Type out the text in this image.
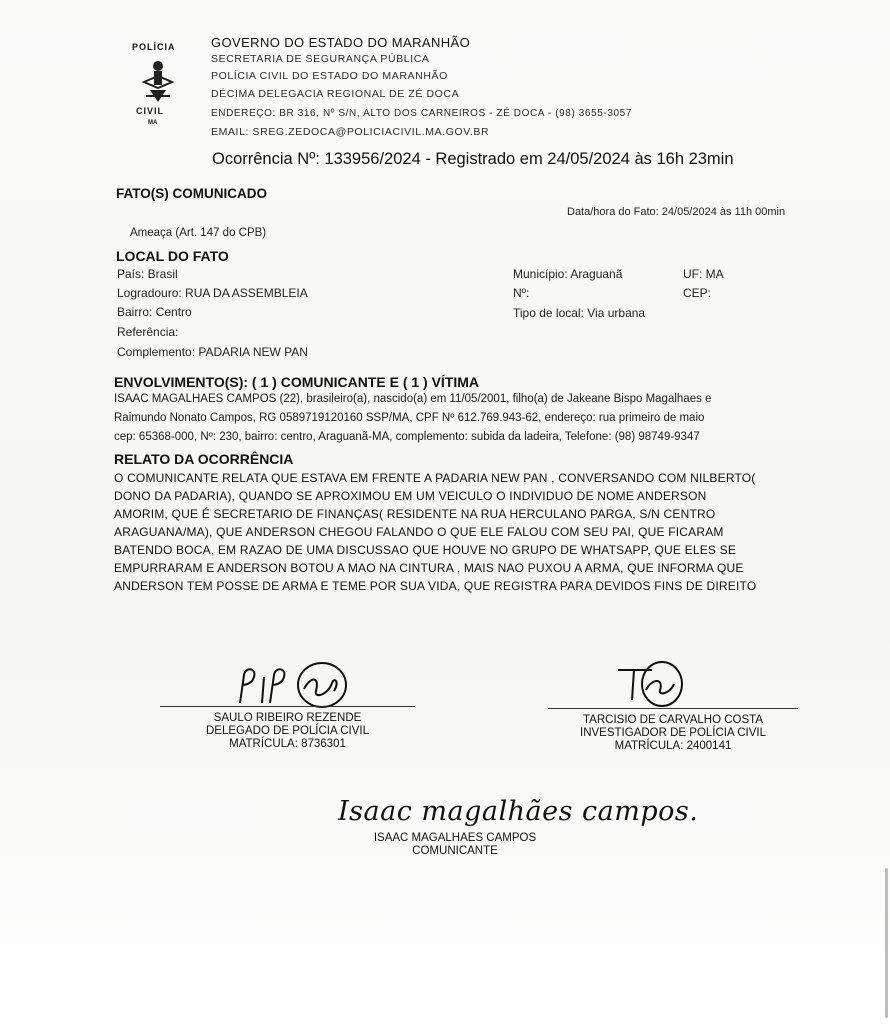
POLÍCIA
CIVIL
MA
GOVERNO DO ESTADO DO MARANHÃO
SECRETARIA DE SEGURANÇA PÚBLICA
POLÍCIA CIVIL DO ESTADO DO MARANHÃO
DÉCIMA DELEGACIA REGIONAL DE ZÉ DOCA
ENDEREÇO: BR 316, Nº S/N, ALTO DOS CARNEIROS - ZÉ DOCA - (98) 3655-3057
EMAIL: SREG.ZEDOCA@POLICIACIVIL.MA.GOV.BR
Ocorrência Nº: 133956/2024 - Registrado em 24/05/2024 às 16h 23min
FATO(S) COMUNICADO
Data/hora do Fato: 24/05/2024 às 11h 00min
Ameaça (Art. 147 do CPB)
LOCAL DO FATO
País: Brasil
Logradouro: RUA DA ASSEMBLEIA
Bairro: Centro
Referência:
Complemento: PADARIA NEW PAN
Município: Araguanã	UF: MA
Nº:	CEP:
Tipo de local: Via urbana
ENVOLVIMENTO(S): ( 1 ) COMUNICANTE E ( 1 ) VÍTIMA
ISAAC MAGALHAES CAMPOS (22), brasileiro(a), nascido(a) em 11/05/2001, filho(a) de Jakeane Bispo Magalhaes e
Raimundo Nonato Campos, RG 0589719120160 SSP/MA, CPF Nº 612.769.943-62, endereço: rua primeiro de maio
cep: 65368-000, Nº: 230, bairro: centro, Araguanã-MA, complemento: subida da ladeira, Telefone: (98) 98749-9347
RELATO DA OCORRÊNCIA
O COMUNICANTE RELATA QUE ESTAVA EM FRENTE A PADARIA NEW PAN , CONVERSANDO COM NILBERTO(
DONO DA PADARIA), QUANDO SE APROXIMOU EM UM VEICULO O INDIVIDUO DE NOME ANDERSON
AMORIM, QUE É SECRETARIO DE FINANÇAS( RESIDENTE NA RUA HERCULANO PARGA, S/N CENTRO
ARAGUANA/MA), QUE ANDERSON CHEGOU FALANDO O QUE ELE FALOU COM SEU PAI, QUE FICARAM
BATENDO BOCA, EM RAZAO DE UMA DISCUSSAO QUE HOUVE NO GRUPO DE WHATSAPP, QUE ELES SE
EMPURRARAM E ANDERSON BOTOU A MAO NA CINTURA , MAIS NAO PUXOU A ARMA, QUE INFORMA QUE
ANDERSON TEM POSSE DE ARMA E TEME POR SUA VIDA, QUE REGISTRA PARA DEVIDOS FINS DE DIREITO
SAULO RIBEIRO REZENDE
DELEGADO DE POLÍCIA CIVIL
MATRÍCULA: 8736301
TARCISIO DE CARVALHO COSTA
INVESTIGADOR DE POLÍCIA CIVIL
MATRÍCULA: 2400141
Isaac magalhães campos.
ISAAC MAGALHAES CAMPOS
COMUNICANTE
